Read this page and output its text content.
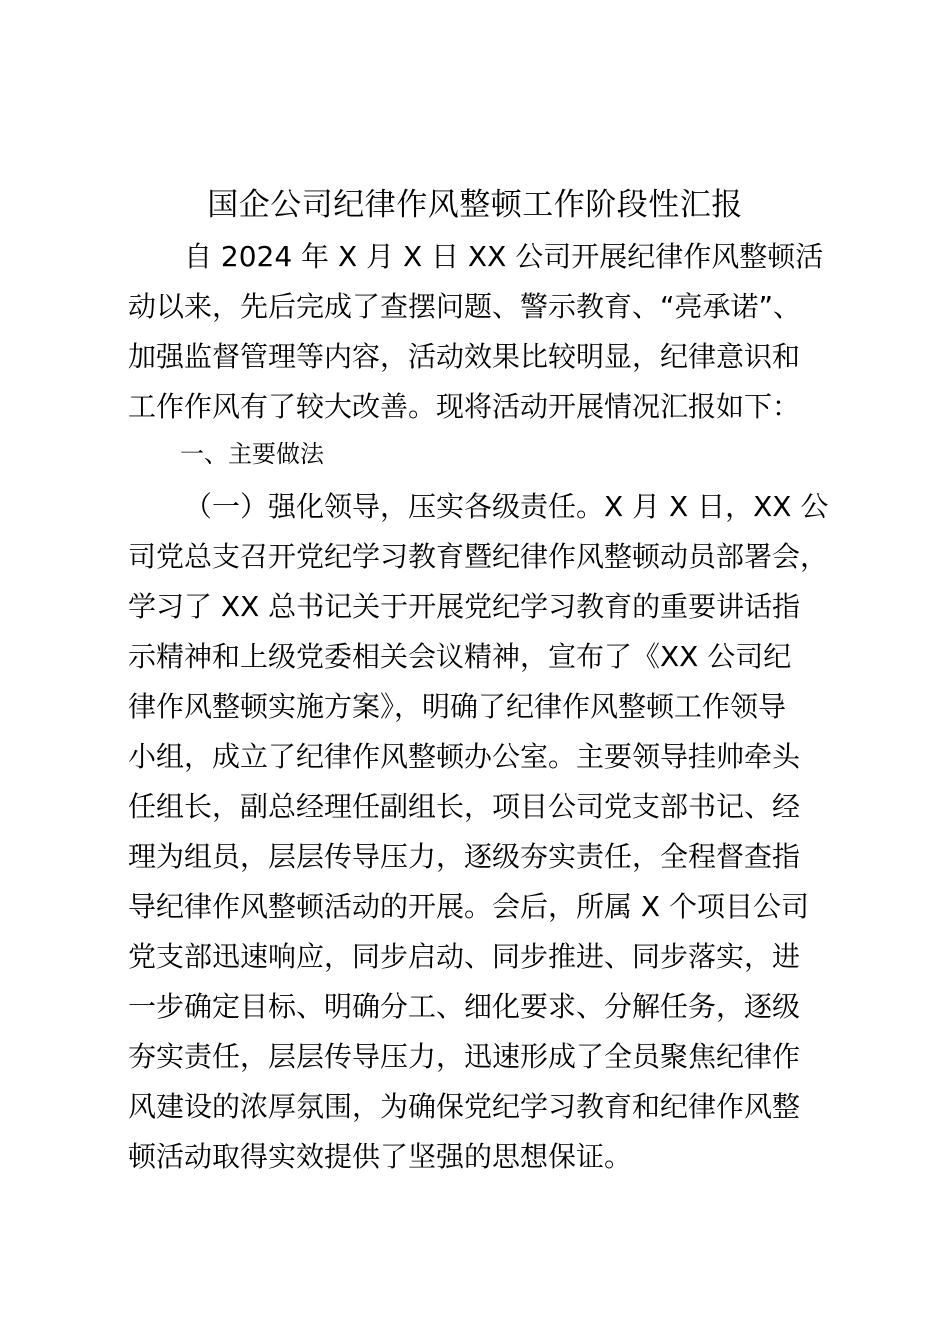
国企公司纪律作风整顿工作阶段性汇报
自 2024 年 X 月 X 日 XX 公司开展纪律作风整顿活
动以来，先后完成了查摆问题、警示教育、“亮承诺”、
加强监督管理等内容，活动效果比较明显，纪律意识和
工作作风有了较大改善。现将活动开展情况汇报如下：
一、主要做法
（一）强化领导，压实各级责任。X 月 X 日，XX 公
司党总支召开党纪学习教育暨纪律作风整顿动员部署会，
学习了 XX 总书记关于开展党纪学习教育的重要讲话指
示精神和上级党委相关会议精神，宣布了《XX 公司纪
律作风整顿实施方案》，明确了纪律作风整顿工作领导
小组，成立了纪律作风整顿办公室。主要领导挂帅牵头
任组长，副总经理任副组长，项目公司党支部书记、经
理为组员，层层传导压力，逐级夯实责任，全程督查指
导纪律作风整顿活动的开展。会后，所属 X 个项目公司
党支部迅速响应，同步启动、同步推进、同步落实，进
一步确定目标、明确分工、细化要求、分解任务，逐级
夯实责任，层层传导压力，迅速形成了全员聚焦纪律作
风建设的浓厚氛围，为确保党纪学习教育和纪律作风整
顿活动取得实效提供了坚强的思想保证。
